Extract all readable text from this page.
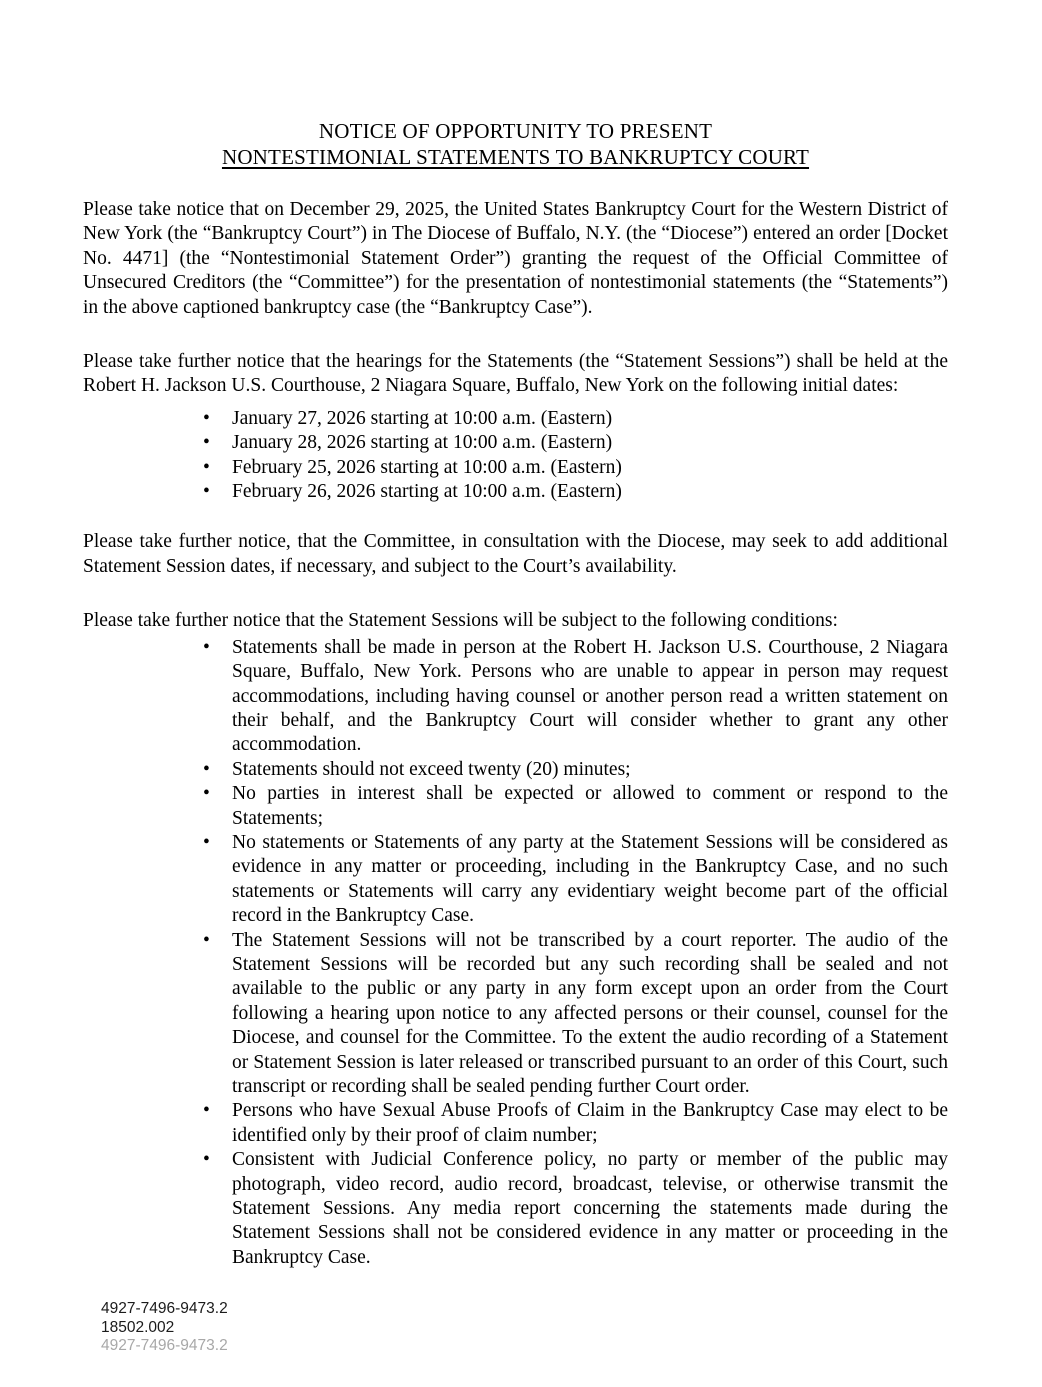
NOTICE OF OPPORTUNITY TO PRESENT
NONTESTIMONIAL STATEMENTS TO BANKRUPTCY COURT

Please take notice that on December 29, 2025, the United States Bankruptcy Court for the Western District of New York (the “Bankruptcy Court”) in The Diocese of Buffalo, N.Y. (the “Diocese”) entered an order [Docket No. 4471] (the “Nontestimonial Statement Order”) granting the request of the Official Committee of Unsecured Creditors (the “Committee”) for the presentation of nontestimonial statements (the “Statements”) in the above captioned bankruptcy case (the “Bankruptcy Case”).

Please take further notice that the hearings for the Statements (the “Statement Sessions”) shall be held at the Robert H. Jackson U.S. Courthouse, 2 Niagara Square, Buffalo, New York on the following initial dates:

• January 27, 2026 starting at 10:00 a.m. (Eastern)
• January 28, 2026 starting at 10:00 a.m. (Eastern)
• February 25, 2026 starting at 10:00 a.m. (Eastern)
• February 26, 2026 starting at 10:00 a.m. (Eastern)

Please take further notice, that the Committee, in consultation with the Diocese, may seek to add additional Statement Session dates, if necessary, and subject to the Court’s availability.

Please take further notice that the Statement Sessions will be subject to the following conditions:

• Statements shall be made in person at the Robert H. Jackson U.S. Courthouse, 2 Niagara Square, Buffalo, New York. Persons who are unable to appear in person may request accommodations, including having counsel or another person read a written statement on their behalf, and the Bankruptcy Court will consider whether to grant any other accommodation.
• Statements should not exceed twenty (20) minutes;
• No parties in interest shall be expected or allowed to comment or respond to the Statements;
• No statements or Statements of any party at the Statement Sessions will be considered as evidence in any matter or proceeding, including in the Bankruptcy Case, and no such statements or Statements will carry any evidentiary weight become part of the official record in the Bankruptcy Case.
• The Statement Sessions will not be transcribed by a court reporter. The audio of the Statement Sessions will be recorded but any such recording shall be sealed and not available to the public or any party in any form except upon an order from the Court following a hearing upon notice to any affected persons or their counsel, counsel for the Diocese, and counsel for the Committee. To the extent the audio recording of a Statement or Statement Session is later released or transcribed pursuant to an order of this Court, such transcript or recording shall be sealed pending further Court order.
• Persons who have Sexual Abuse Proofs of Claim in the Bankruptcy Case may elect to be identified only by their proof of claim number;
• Consistent with Judicial Conference policy, no party or member of the public may photograph, video record, audio record, broadcast, televise, or otherwise transmit the Statement Sessions. Any media report concerning the statements made during the Statement Sessions shall not be considered evidence in any matter or proceeding in the Bankruptcy Case.
4927-7496-9473.2
18502.002
4927-7496-9473.2
